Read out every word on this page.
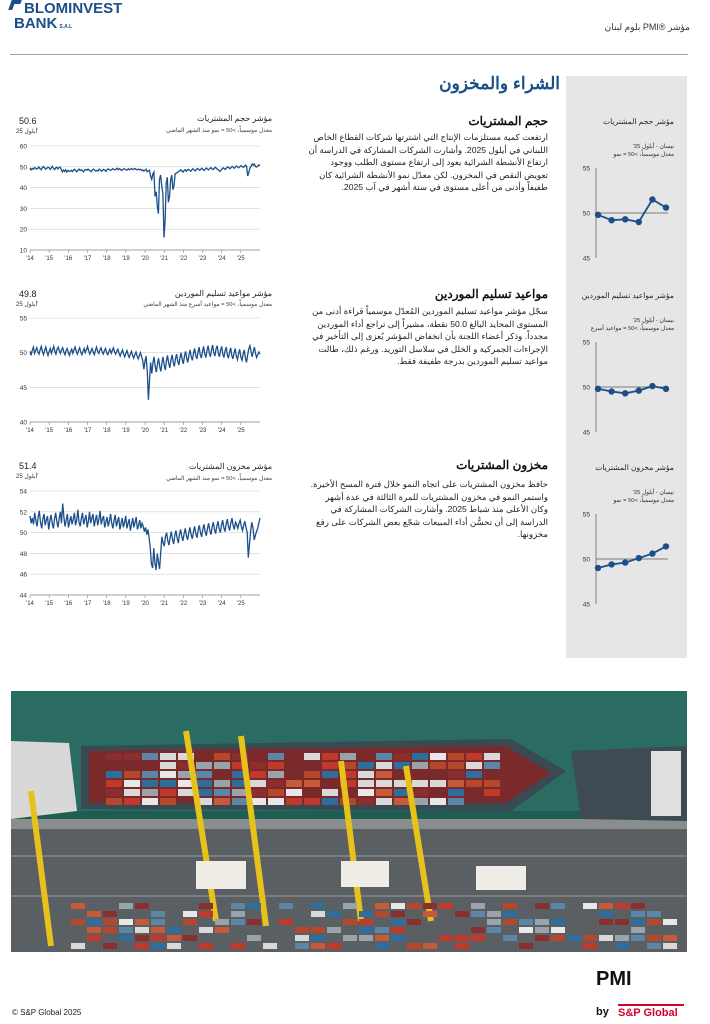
BLOMINVEST
BANK S.A.L	مؤشر ®PMI بلوم لبنان
الشراء والمخزون
حجم المشتريات
ارتفعت كمية مستلزمات الإنتاج التي اشترتها شركات القطاع الخاص اللبناني في أيلول 2025. وأشارت الشركات المشاركة في الدراسة أن ارتفاع الأنشطة الشرائية يعود إلى ارتفاع مستوى الطلب ووجود تعويض النقص في المخزون. لكن معدّل نمو الأنشطة الشرائية كان طفيفاً وأدنى من أعلى مستوى في ستة أشهر في آب 2025.
مواعيد تسليم الموردين
سجّل مؤشر مواعيد تسليم الموردين المُعدّل موسمياً قراءة أدنى من المستوى المحايد البالغ 50.0 نقطة، مشيراً إلى تراجع أداء الموردين مجدداً. وذكر أعضاء اللجنة بأن انخفاض المؤشر يُعزى إلى التأخير في الإجراءات الجمركية و الخلل في سلاسل التوريد. ورغم ذلك، طالت مواعيد تسليم الموردين بدرجة طفيفة فقط.
مخزون المشتريات
حافظ مخزون المشتريات على اتجاه النمو خلال فترة المسح الأخيرة. واستمر النمو في مخزون المشتريات للمرة الثالثة في عدة أشهر وكان الأعلى منذ شباط 2025. وأشارت الشركات المشاركة في الدراسة إلى أن تحسُّن أداء المبيعات شجّع بعض الشركات على رفع مخزونها.
مؤشر حجم المشتريات
معدل موسمياً، >50 = نمو منذ الشهر الماضي
50.6
أيلول 25'
مؤشر مواعيد تسليم الموردين
معدل موسمياً، >50 = مواعيد أسرع منذ الشهر الماضي
49.8
أيلول 25'
مؤشر مخزون المشتريات
معدل موسمياً، >50 = نمو منذ الشهر الماضي
51.4
أيلول 25'
10
20
30
40
50
60
'14 '15 '16 '17 '18 '19 '20 '21 '22 '23 '24 '25
40
45
50
55
'14 '15 '16 '17 '18 '19 '20 '21 '22 '23 '24 '25
44
46
48
50
52
54
'14 '15 '16 '17 '18 '19 '20 '21 '22 '23 '24 '25
مؤشر حجم المشتريات
نيسان - أيلول 25'
معدل موسمياً، >50 = نمو
مؤشر مواعيد تسليم الموردين
نيسان - أيلول 25'
معدل موسمياً، >50 = مواعيد أسرع
مؤشر مخزون المشتريات
نيسان - أيلول 25'
معدل موسمياً، >50 = نمو
45
50
55
45
50
55
45
50
55
© S&P Global 2025
PMI
by S&P Global
